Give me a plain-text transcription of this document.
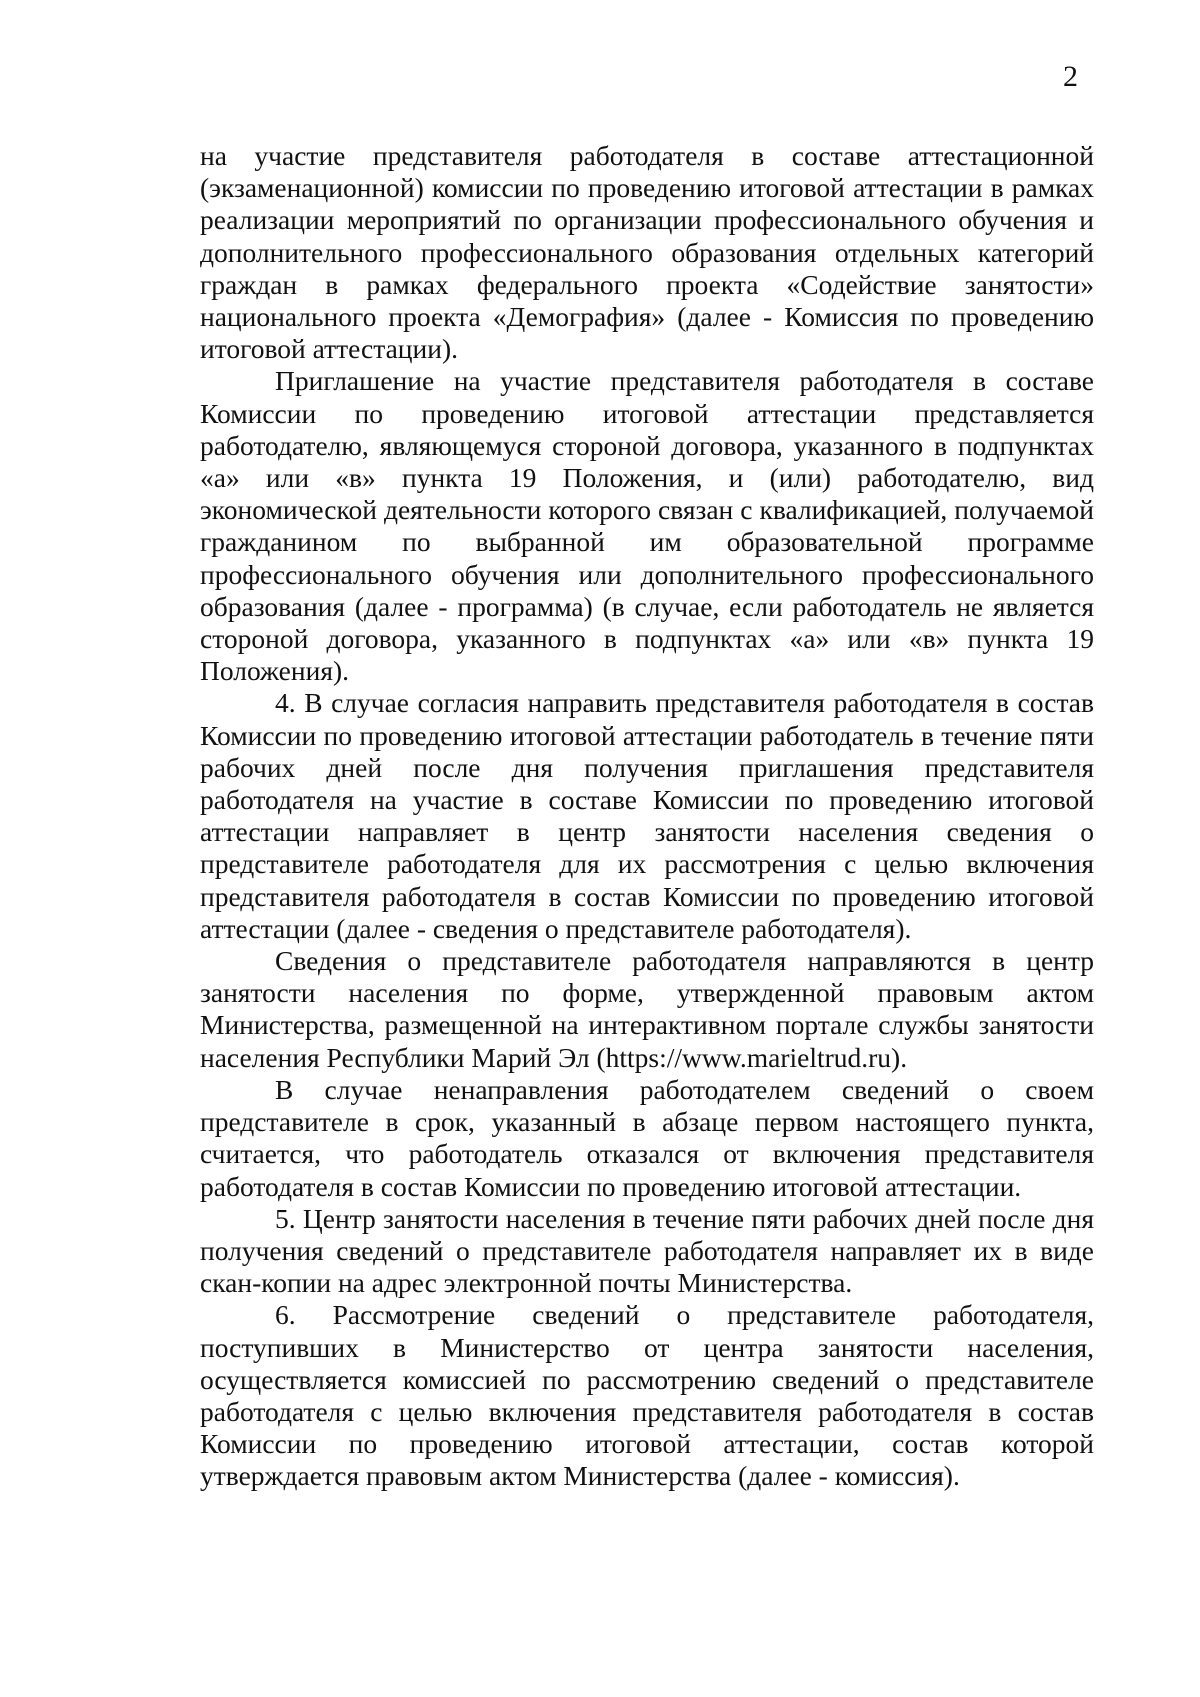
2

на участие представителя работодателя в составе аттестационной (экзаменационной) комиссии по проведению итоговой аттестации в рамках реализации мероприятий по организации профессионального обучения и дополнительного профессионального образования отдельных категорий граждан в рамках федерального проекта «Содействие занятости» национального проекта «Демография» (далее - Комиссия по проведению итоговой аттестации).

Приглашение на участие представителя работодателя в составе Комиссии по проведению итоговой аттестации представляется работодателю, являющемуся стороной договора, указанного в подпунктах «а» или «в» пункта 19 Положения, и (или) работодателю, вид экономической деятельности которого связан с квалификацией, получаемой гражданином по выбранной им образовательной программе профессионального обучения или дополнительного профессионального образования (далее - программа) (в случае, если работодатель не является стороной договора, указанного в подпунктах «а» или «в» пункта 19 Положения).

4. В случае согласия направить представителя работодателя в состав Комиссии по проведению итоговой аттестации работодатель в течение пяти рабочих дней после дня получения приглашения представителя работодателя на участие в составе Комиссии по проведению итоговой аттестации направляет в центр занятости населения сведения о представителе работодателя для их рассмотрения с целью включения представителя работодателя в состав Комиссии по проведению итоговой аттестации (далее - сведения о представителе работодателя).

Сведения о представителе работодателя направляются в центр занятости населения по форме, утвержденной правовым актом Министерства, размещенной на интерактивном портале службы занятости населения Республики Марий Эл (https://www.marieltrud.ru).

В случае ненаправления работодателем сведений о своем представителе в срок, указанный в абзаце первом настоящего пункта, считается, что работодатель отказался от включения представителя работодателя в состав Комиссии по проведению итоговой аттестации.

5. Центр занятости населения в течение пяти рабочих дней после дня получения сведений о представителе работодателя направляет их в виде скан-копии на адрес электронной почты Министерства.

6. Рассмотрение сведений о представителе работодателя, поступивших в Министерство от центра занятости населения, осуществляется комиссией по рассмотрению сведений о представителе работодателя с целью включения представителя работодателя в состав Комиссии по проведению итоговой аттестации, состав которой утверждается правовым актом Министерства (далее - комиссия).
